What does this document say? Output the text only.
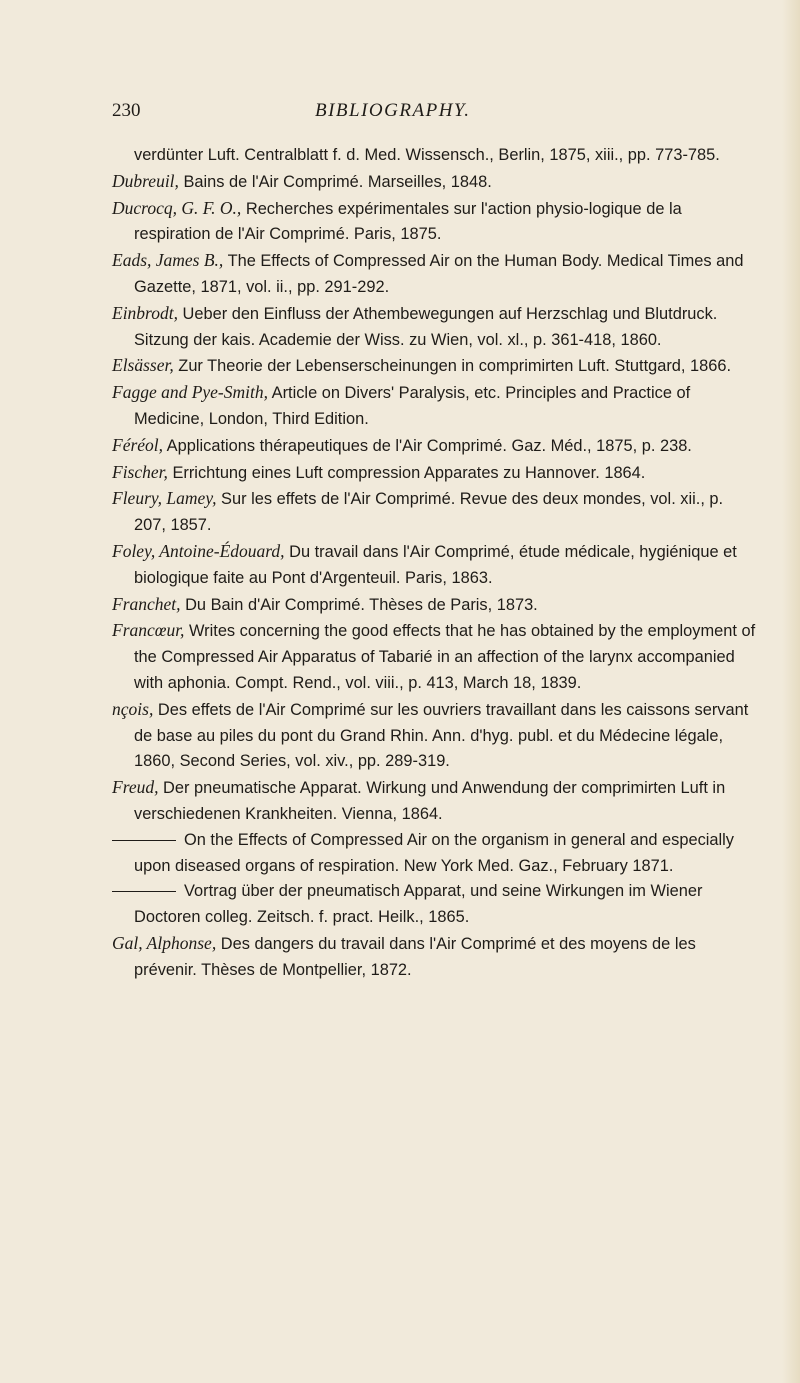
230	BIBLIOGRAPHY.

verdünter Luft. Centralblatt f. d. Med. Wissensch., Berlin, 1875, xiii., pp. 773-785.

Dubreuil, Bains de l'Air Comprimé. Marseilles, 1848.

Ducrocq, G. F. O., Recherches expérimentales sur l'action physio-logique de la respiration de l'Air Comprimé. Paris, 1875.

Eads, James B., The Effects of Compressed Air on the Human Body. Medical Times and Gazette, 1871, vol. ii., pp. 291-292.

Einbrodt, Ueber den Einfluss der Athembewegungen auf Herzschlag und Blutdruck. Sitzung der kais. Academie der Wiss. zu Wien, vol. xl., p. 361-418, 1860.

Elsässer, Zur Theorie der Lebenserscheinungen in comprimirten Luft. Stuttgard, 1866.

Fagge and Pye-Smith, Article on Divers' Paralysis, etc. Principles and Practice of Medicine, London, Third Edition.

Féréol, Applications thérapeutiques de l'Air Comprimé. Gaz. Méd., 1875, p. 238.

Fischer, Errichtung eines Luft compression Apparates zu Hannover. 1864.

Fleury, Lamey, Sur les effets de l'Air Comprimé. Revue des deux mondes, vol. xii., p. 207, 1857.

Foley, Antoine-Édouard, Du travail dans l'Air Comprimé, étude médicale, hygiénique et biologique faite au Pont d'Argenteuil. Paris, 1863.

Franchet, Du Bain d'Air Comprimé. Thèses de Paris, 1873.

Francœur, Writes concerning the good effects that he has obtained by the employment of the Compressed Air Apparatus of Tabarié in an affection of the larynx accompanied with aphonia. Compt. Rend., vol. viii., p. 413, March 18, 1839.

nçois, Des effets de l'Air Comprimé sur les ouvriers travaillant dans les caissons servant de base au piles du pont du Grand Rhin. Ann. d'hyg. publ. et du Médecine légale, 1860, Second Series, vol. xiv., pp. 289-319.

Freud, Der pneumatische Apparat. Wirkung und Anwendung der comprimirten Luft in verschiedenen Krankheiten. Vienna, 1864.

On the Effects of Compressed Air on the organism in general and especially upon diseased organs of respiration. New York Med. Gaz., February 1871.

Vortrag über der pneumatisch Apparat, und seine Wirkungen im Wiener Doctoren colleg. Zeitsch. f. pract. Heilk., 1865.

Gal, Alphonse, Des dangers du travail dans l'Air Comprimé et des moyens de les prévenir. Thèses de Montpellier, 1872.
